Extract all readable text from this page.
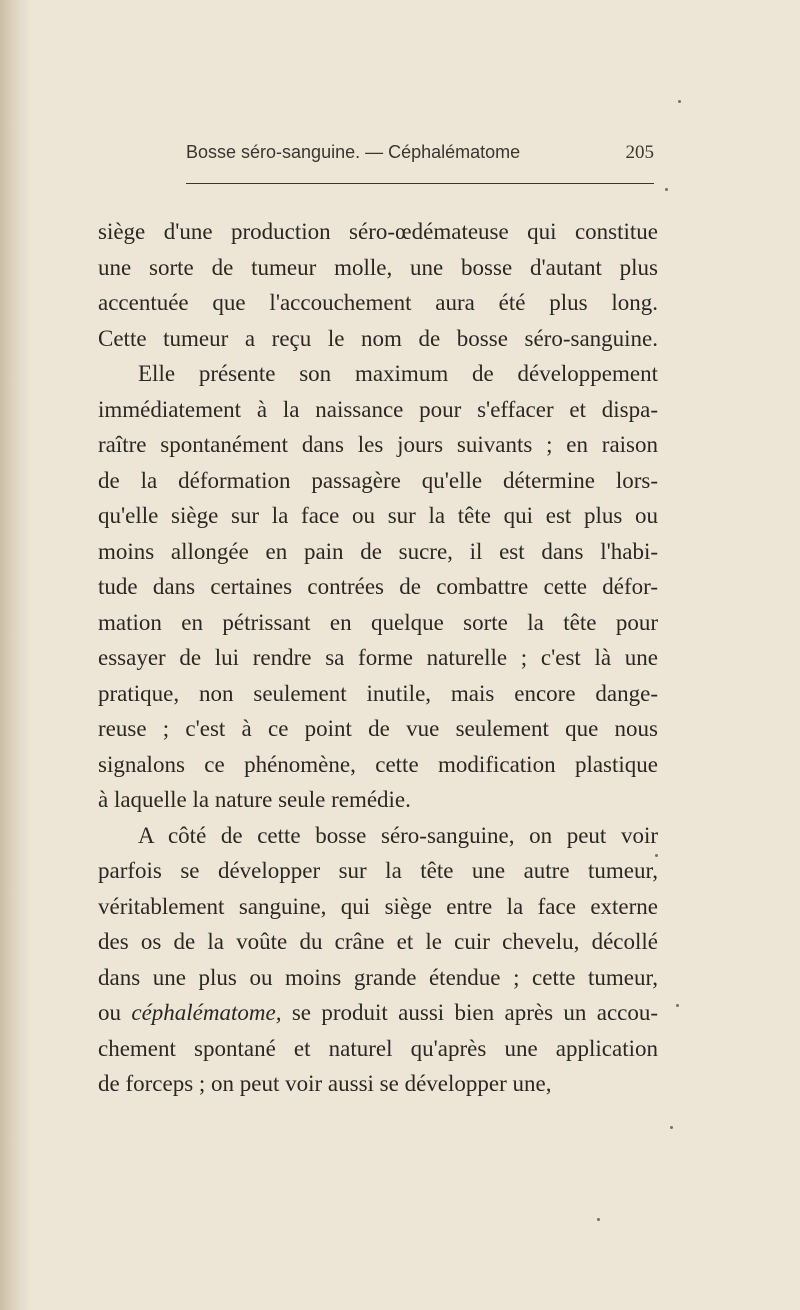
Bosse séro-sanguine. — Céphalématome	205
siège d'une production séro-œdémateuse qui constitue
une sorte de tumeur molle, une bosse d'autant plus
accentuée que l'accouchement aura été plus long.
Cette tumeur a reçu le nom de bosse séro-sanguine.
Elle présente son maximum de développement
immédiatement à la naissance pour s'effacer et dispa-
raître spontanément dans les jours suivants ; en raison
de la déformation passagère qu'elle détermine lors-
qu'elle siège sur la face ou sur la tête qui est plus ou
moins allongée en pain de sucre, il est dans l'habi-
tude dans certaines contrées de combattre cette défor-
mation en pétrissant en quelque sorte la tête pour
essayer de lui rendre sa forme naturelle ; c'est là une
pratique, non seulement inutile, mais encore dange-
reuse ; c'est à ce point de vue seulement que nous
signalons ce phénomène, cette modification plastique
à laquelle la nature seule remédie.
A côté de cette bosse séro-sanguine, on peut voir
parfois se développer sur la tête une autre tumeur,
véritablement sanguine, qui siège entre la face externe
des os de la voûte du crâne et le cuir chevelu, décollé
dans une plus ou moins grande étendue ; cette tumeur,
ou céphalématome, se produit aussi bien après un accou-
chement spontané et naturel qu'après une application
de forceps ; on peut voir aussi se développer une,
